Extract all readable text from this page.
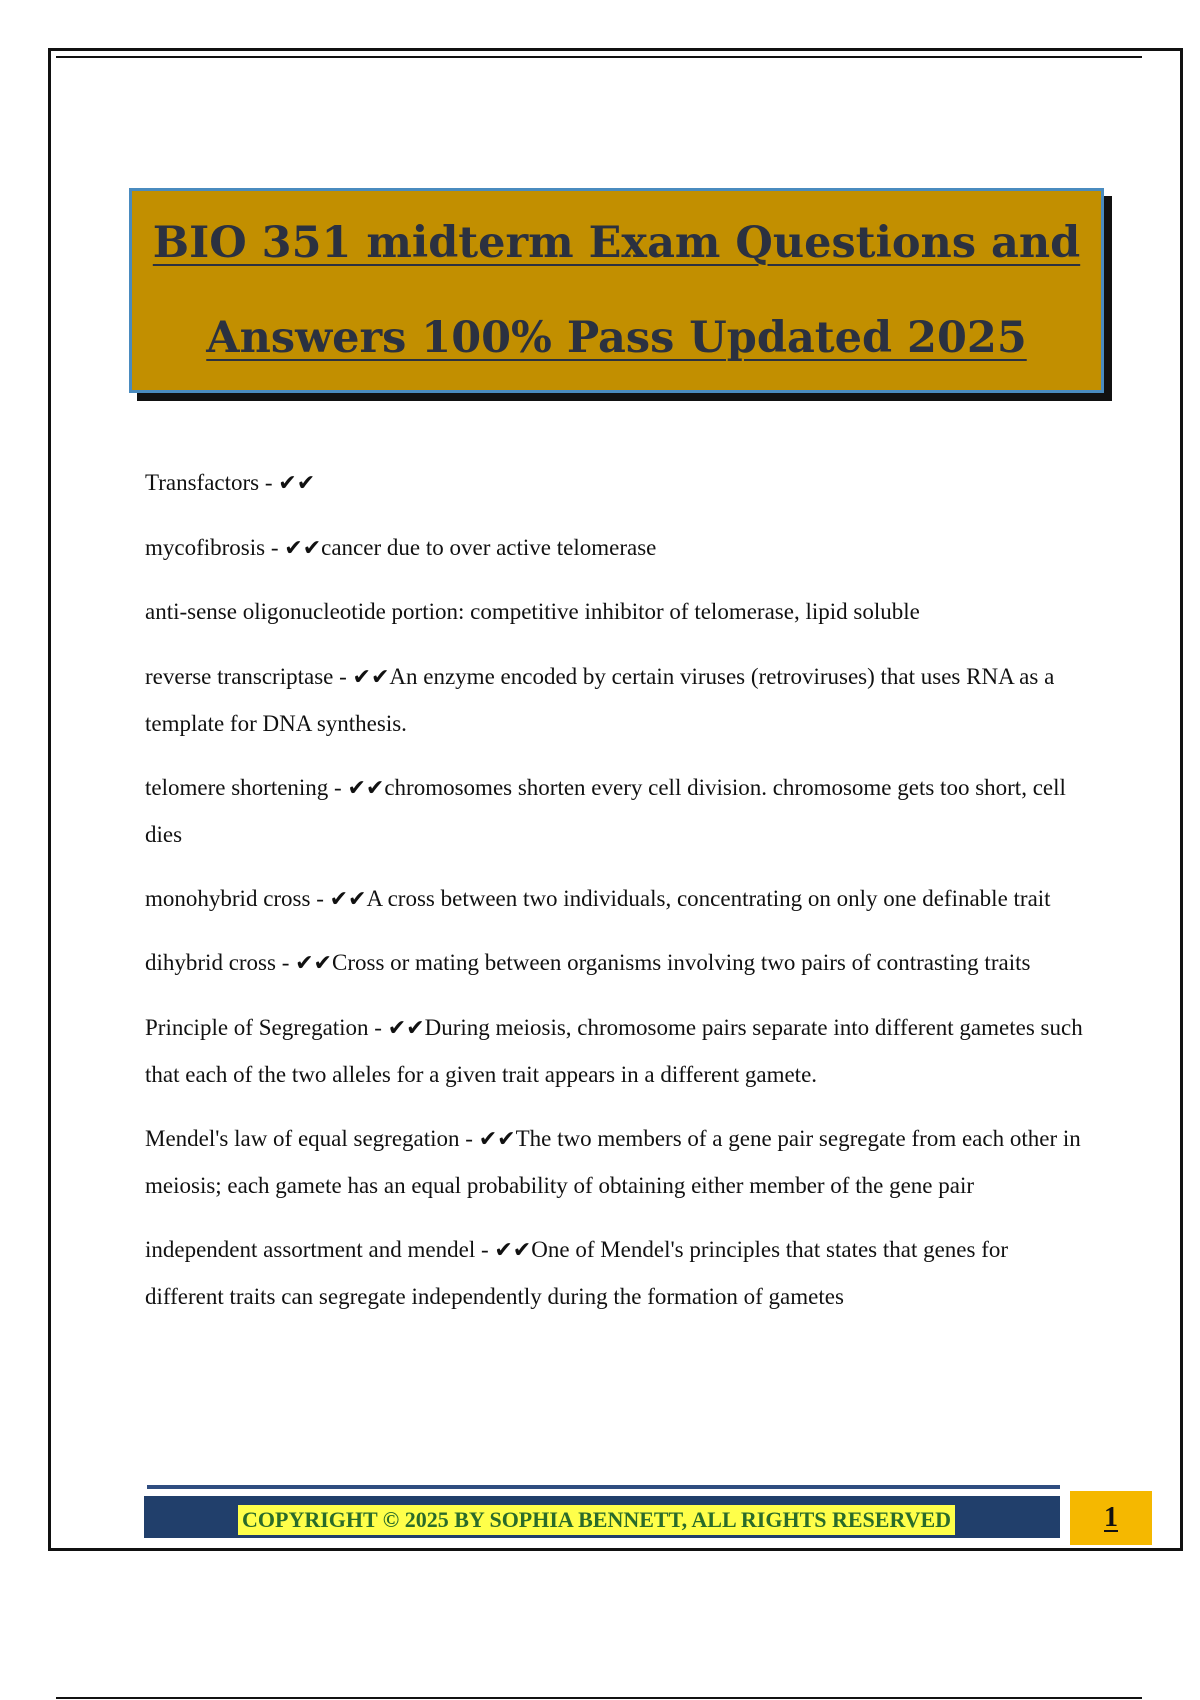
BIO 351 midterm Exam Questions and
Answers 100% Pass Updated 2025
Transfactors - ✔✔
mycofibrosis - ✔✔cancer due to over active telomerase
anti-sense oligonucleotide portion: competitive inhibitor of telomerase, lipid soluble
reverse transcriptase - ✔✔An enzyme encoded by certain viruses (retroviruses) that uses RNA as a template for DNA synthesis.
telomere shortening - ✔✔chromosomes shorten every cell division. chromosome gets too short, cell dies
monohybrid cross - ✔✔A cross between two individuals, concentrating on only one definable trait
dihybrid cross - ✔✔Cross or mating between organisms involving two pairs of contrasting traits
Principle of Segregation - ✔✔During meiosis, chromosome pairs separate into different gametes such that each of the two alleles for a given trait appears in a different gamete.
Mendel's law of equal segregation - ✔✔The two members of a gene pair segregate from each other in meiosis; each gamete has an equal probability of obtaining either member of the gene pair
independent assortment and mendel - ✔✔One of Mendel's principles that states that genes for different traits can segregate independently during the formation of gametes
COPYRIGHT © 2025 BY SOPHIA BENNETT, ALL RIGHTS RESERVED	1
